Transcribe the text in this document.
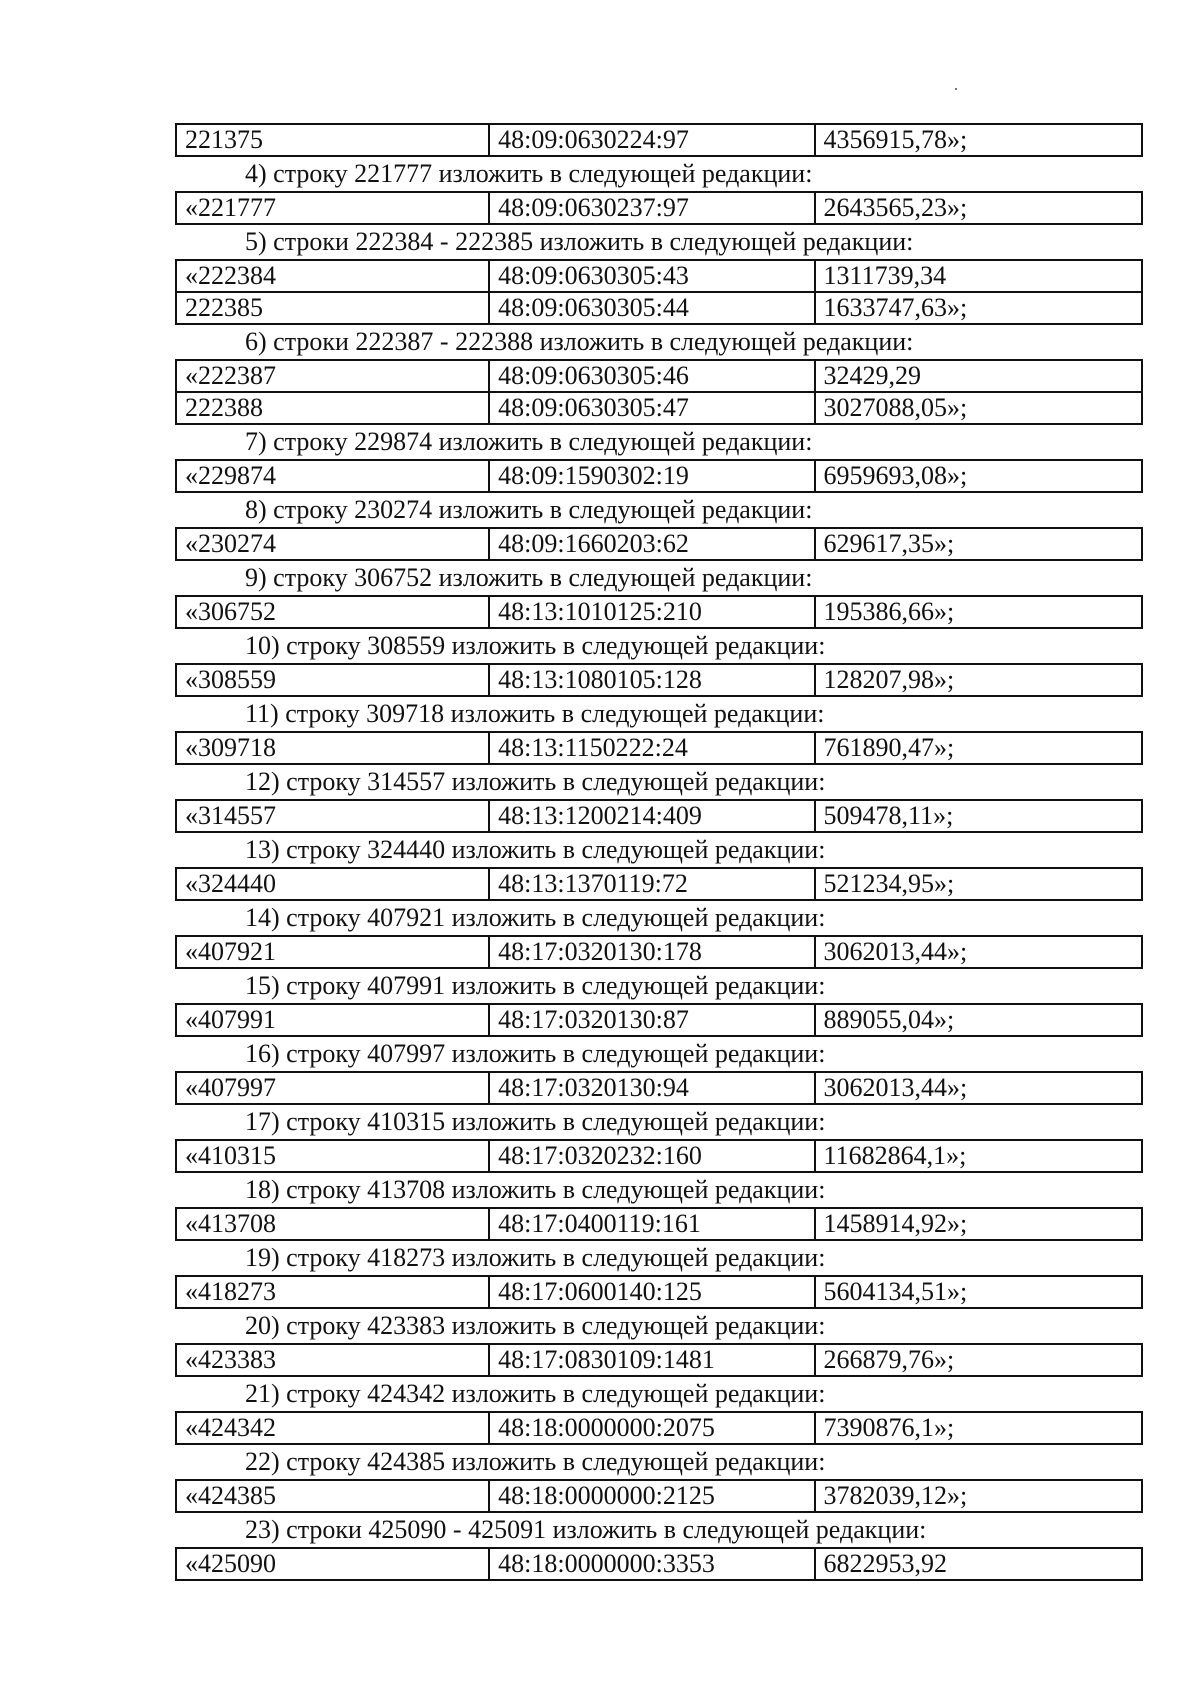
221375	48:09:0630224:97	4356915,78»;
4) строку 221777 изложить в следующей редакции:
«221777	48:09:0630237:97	2643565,23»;
5) строки 222384 - 222385 изложить в следующей редакции:
«222384	48:09:0630305:43	1311739,34
222385	48:09:0630305:44	1633747,63»;
6) строки 222387 - 222388 изложить в следующей редакции:
«222387	48:09:0630305:46	32429,29
222388	48:09:0630305:47	3027088,05»;
7) строку 229874 изложить в следующей редакции:
«229874	48:09:1590302:19	6959693,08»;
8) строку 230274 изложить в следующей редакции:
«230274	48:09:1660203:62	629617,35»;
9) строку 306752 изложить в следующей редакции:
«306752	48:13:1010125:210	195386,66»;
10) строку 308559 изложить в следующей редакции:
«308559	48:13:1080105:128	128207,98»;
11) строку 309718 изложить в следующей редакции:
«309718	48:13:1150222:24	761890,47»;
12) строку 314557 изложить в следующей редакции:
«314557	48:13:1200214:409	509478,11»;
13) строку 324440 изложить в следующей редакции:
«324440	48:13:1370119:72	521234,95»;
14) строку 407921 изложить в следующей редакции:
«407921	48:17:0320130:178	3062013,44»;
15) строку 407991 изложить в следующей редакции:
«407991	48:17:0320130:87	889055,04»;
16) строку 407997 изложить в следующей редакции:
«407997	48:17:0320130:94	3062013,44»;
17) строку 410315 изложить в следующей редакции:
«410315	48:17:0320232:160	11682864,1»;
18) строку 413708 изложить в следующей редакции:
«413708	48:17:0400119:161	1458914,92»;
19) строку 418273 изложить в следующей редакции:
«418273	48:17:0600140:125	5604134,51»;
20) строку 423383 изложить в следующей редакции:
«423383	48:17:0830109:1481	266879,76»;
21) строку 424342 изложить в следующей редакции:
«424342	48:18:0000000:2075	7390876,1»;
22) строку 424385 изложить в следующей редакции:
«424385	48:18:0000000:2125	3782039,12»;
23) строки 425090 - 425091 изложить в следующей редакции:
«425090	48:18:0000000:3353	6822953,92
